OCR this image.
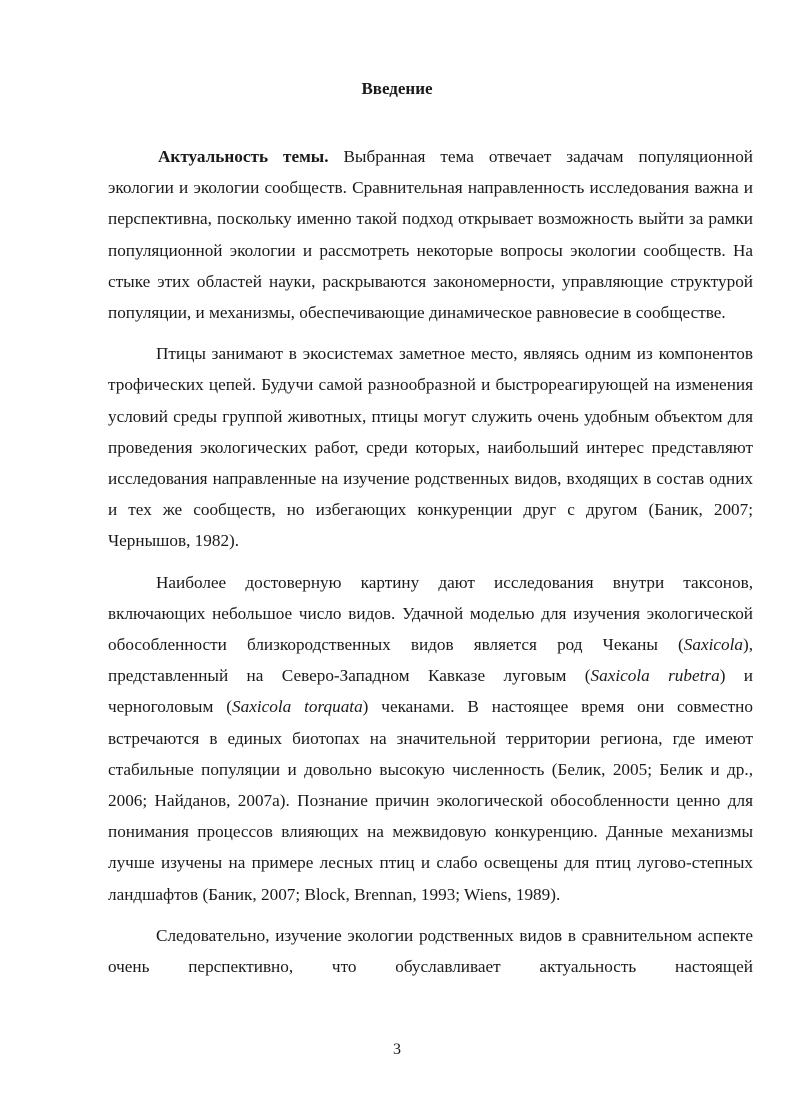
Введение

Актуальность темы. Выбранная тема отвечает задачам популяционной экологии и экологии сообществ. Сравнительная направленность исследования важна и перспективна, поскольку именно такой подход открывает возможность выйти за рамки популяционной экологии и рассмотреть некоторые вопросы экологии сообществ. На стыке этих областей науки, раскрываются закономерности, управляющие структурой популяции, и механизмы, обеспечивающие динамическое равновесие в сообществе.

Птицы занимают в экосистемах заметное место, являясь одним из компонентов трофических цепей. Будучи самой разнообразной и быстрореагирующей на изменения условий среды группой животных, птицы могут служить очень удобным объектом для проведения экологических работ, среди которых, наибольший интерес представляют исследования направленные на изучение родственных видов, входящих в состав одних и тех же сообществ, но избегающих конкуренции друг с другом (Баник, 2007; Чернышов, 1982).

Наиболее достоверную картину дают исследования внутри таксонов, включающих небольшое число видов. Удачной моделью для изучения экологической обособленности близкородственных видов является род Чеканы (Saxicola), представленный на Северо-Западном Кавказе луговым (Saxicola rubetra) и черноголовым (Saxicola torquata) чеканами. В настоящее время они совместно встречаются в единых биотопах на значительной территории региона, где имеют стабильные популяции и довольно высокую численность (Белик, 2005; Белик и др., 2006; Найданов, 2007а). Познание причин экологической обособленности ценно для понимания процессов влияющих на межвидовую конкуренцию. Данные механизмы лучше изучены на примере лесных птиц и слабо освещены для птиц лугово-степных ландшафтов (Баник, 2007; Block, Brennan, 1993; Wiens, 1989).

Следовательно, изучение экологии родственных видов в сравнительном аспекте очень перспективно, что обуславливает актуальность настоящей

3
